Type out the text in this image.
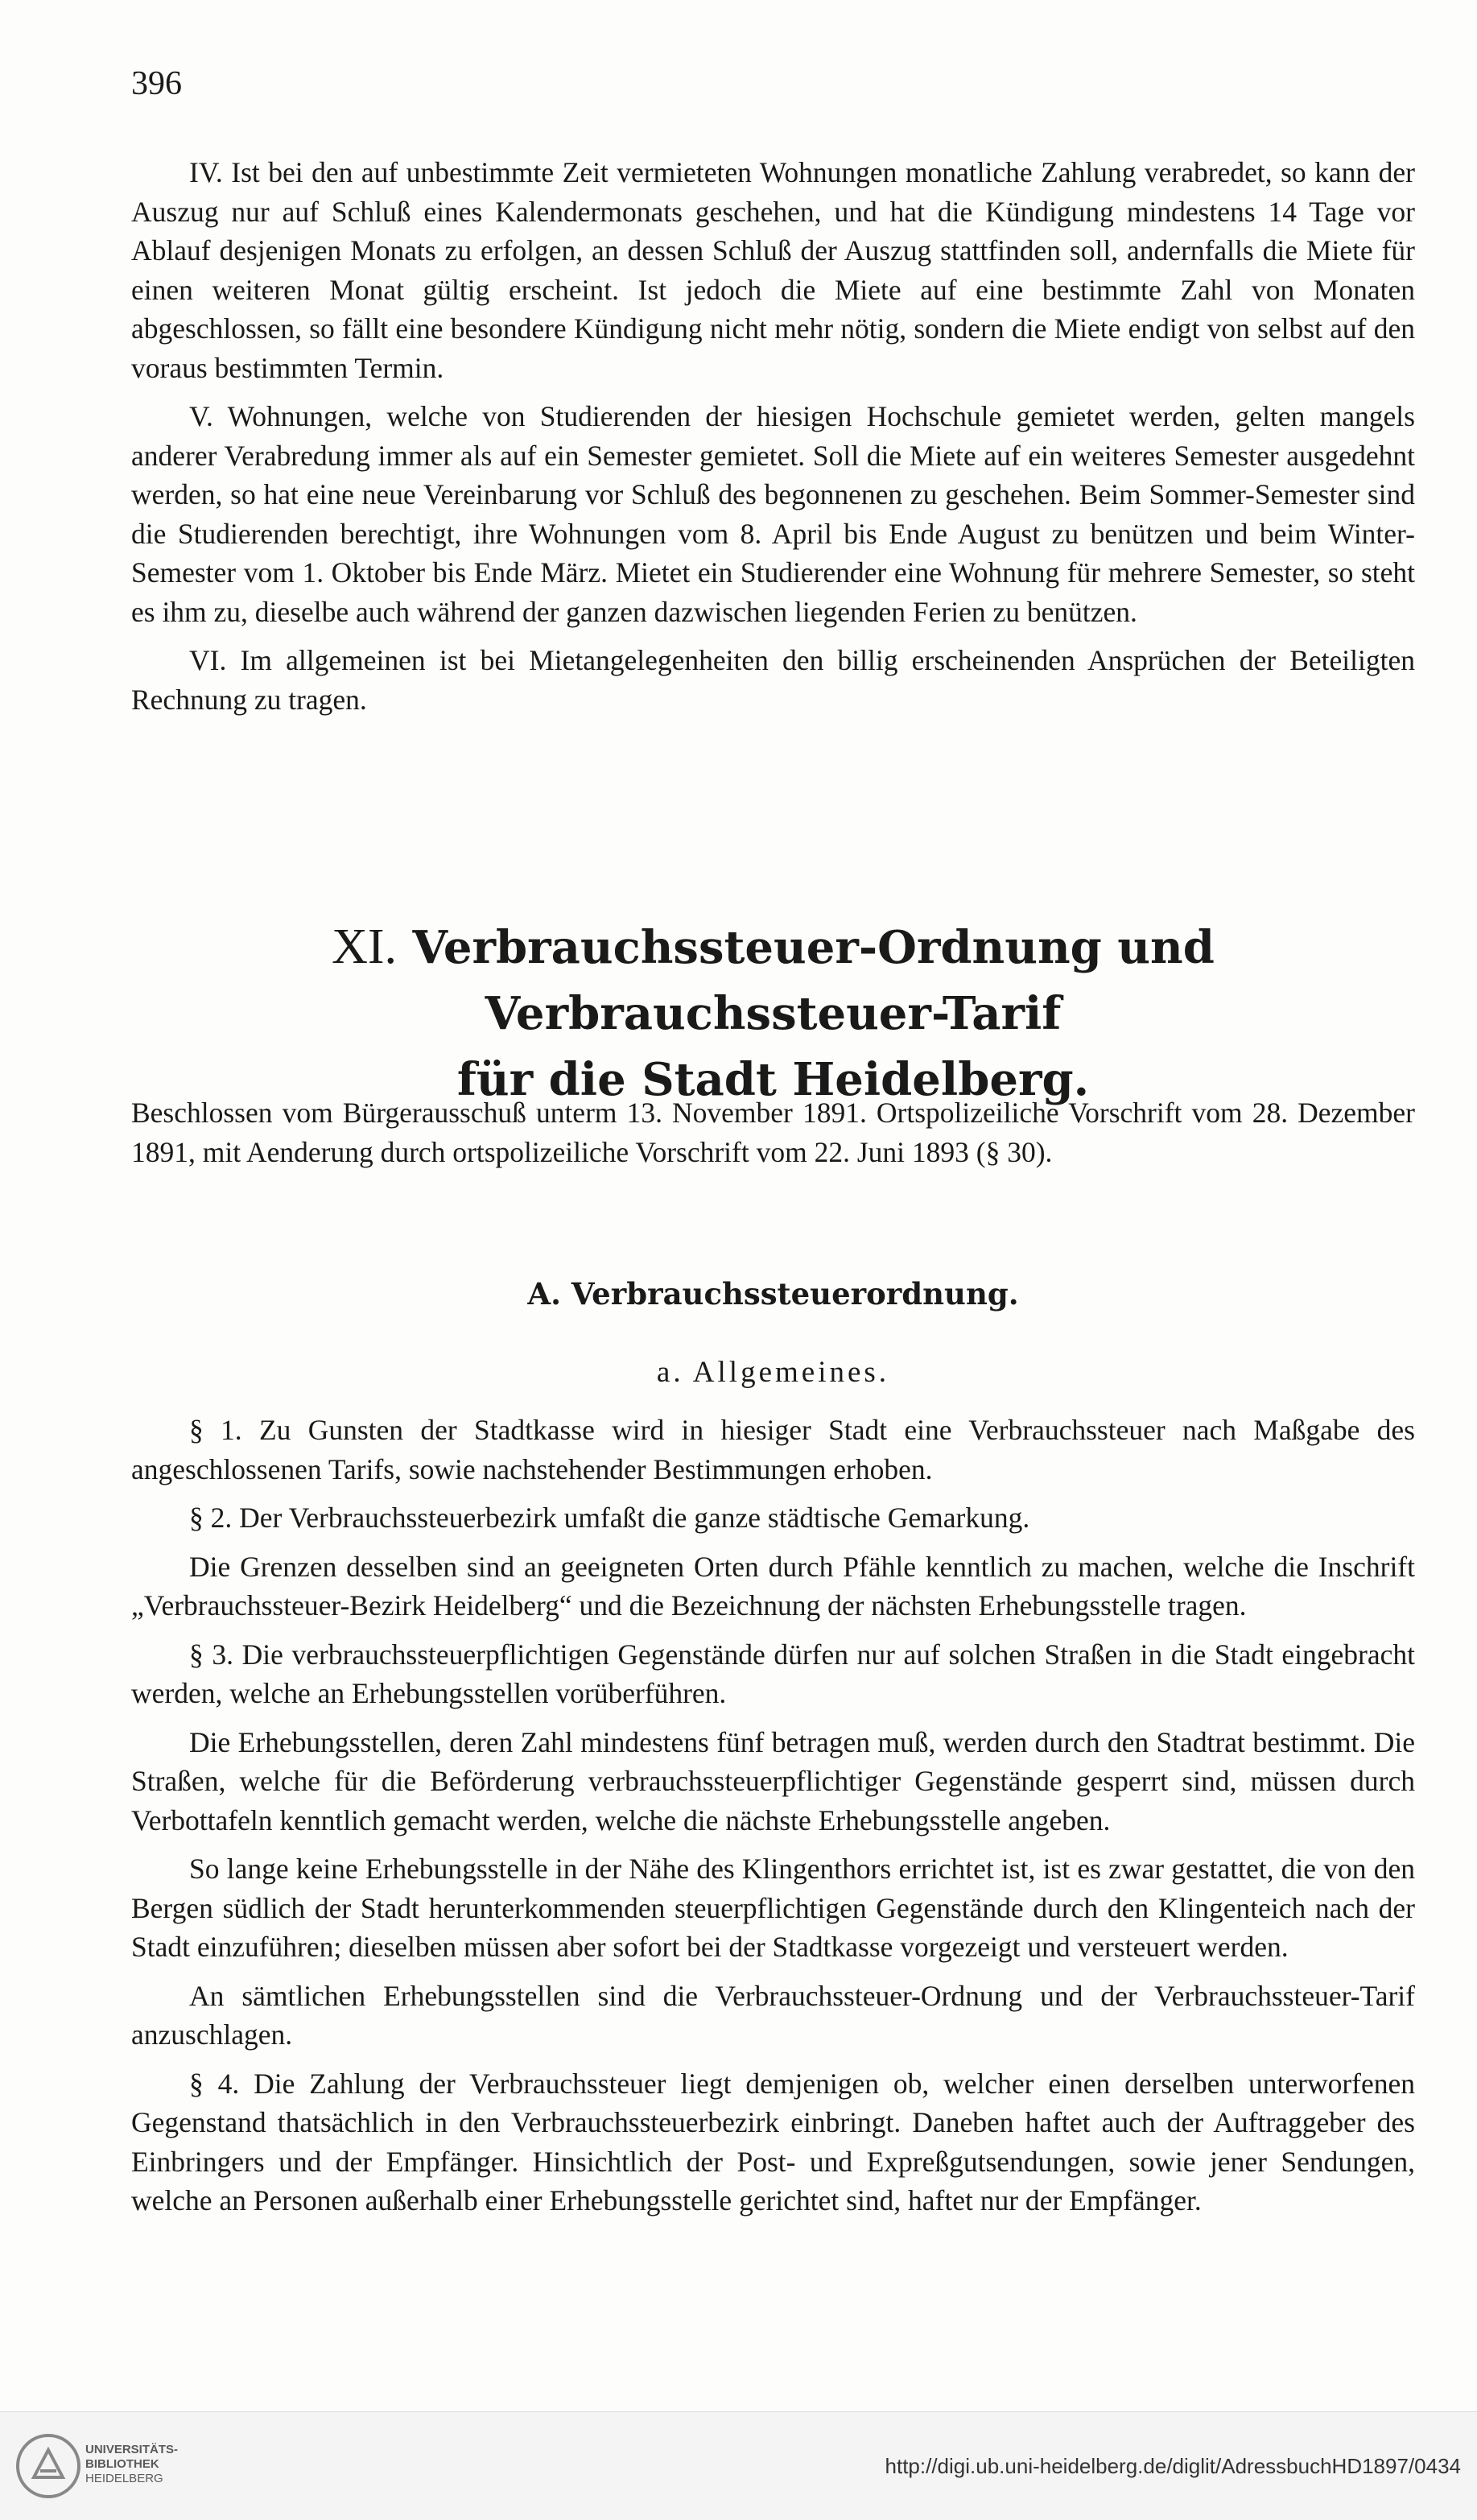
396

IV. Ist bei den auf unbestimmte Zeit vermieteten Wohnungen monatliche Zahlung verabredet, so kann der Auszug nur auf Schluß eines Kalendermonats geschehen, und hat die Kündigung mindestens 14 Tage vor Ablauf desjenigen Monats zu erfolgen, an dessen Schluß der Auszug stattfinden soll, andernfalls die Miete für einen weiteren Monat gültig erscheint. Ist jedoch die Miete auf eine bestimmte Zahl von Monaten abgeschlossen, so fällt eine besondere Kündigung nicht mehr nötig, sondern die Miete endigt von selbst auf den voraus bestimmten Termin.

V. Wohnungen, welche von Studierenden der hiesigen Hochschule gemietet werden, gelten mangels anderer Verabredung immer als auf ein Semester gemietet. Soll die Miete auf ein weiteres Semester ausgedehnt werden, so hat eine neue Vereinbarung vor Schluß des begonnenen zu geschehen. Beim Sommer-Semester sind die Studierenden berechtigt, ihre Wohnungen vom 8. April bis Ende August zu benützen und beim Winter-Semester vom 1. Oktober bis Ende März. Mietet ein Studierender eine Wohnung für mehrere Semester, so steht es ihm zu, dieselbe auch während der ganzen dazwischen liegenden Ferien zu benützen.

VI. Im allgemeinen ist bei Mietangelegenheiten den billig erscheinenden Ansprüchen der Beteiligten Rechnung zu tragen.

XI. Verbrauchssteuer-Ordnung und Verbrauchssteuer-Tarif
für die Stadt Heidelberg.
Beschlossen vom Bürgerausschuß unterm 13. November 1891. Ortspolizeiliche Vorschrift vom 28. Dezember 1891, mit Aenderung durch ortspolizeiliche Vorschrift vom 22. Juni 1893 (§ 30).
A. Verbrauchssteuerordnung.
a. Allgemeines.

§ 1. Zu Gunsten der Stadtkasse wird in hiesiger Stadt eine Verbrauchssteuer nach Maßgabe des angeschlossenen Tarifs, sowie nachstehender Bestimmungen erhoben.

§ 2. Der Verbrauchssteuerbezirk umfaßt die ganze städtische Gemarkung.

Die Grenzen desselben sind an geeigneten Orten durch Pfähle kenntlich zu machen, welche die Inschrift „Verbrauchssteuer-Bezirk Heidelberg“ und die Bezeichnung der nächsten Erhebungsstelle tragen.

§ 3. Die verbrauchssteuerpflichtigen Gegenstände dürfen nur auf solchen Straßen in die Stadt eingebracht werden, welche an Erhebungsstellen vorüberführen.

Die Erhebungsstellen, deren Zahl mindestens fünf betragen muß, werden durch den Stadtrat bestimmt. Die Straßen, welche für die Beförderung verbrauchssteuerpflichtiger Gegenstände gesperrt sind, müssen durch Verbottafeln kenntlich gemacht werden, welche die nächste Erhebungsstelle angeben.

So lange keine Erhebungsstelle in der Nähe des Klingenthors errichtet ist, ist es zwar gestattet, die von den Bergen südlich der Stadt herunterkommenden steuerpflichtigen Gegenstände durch den Klingenteich nach der Stadt einzuführen; dieselben müssen aber sofort bei der Stadtkasse vorgezeigt und versteuert werden.

An sämtlichen Erhebungsstellen sind die Verbrauchssteuer-Ordnung und der Verbrauchssteuer-Tarif anzuschlagen.

§ 4. Die Zahlung der Verbrauchssteuer liegt demjenigen ob, welcher einen derselben unterworfenen Gegenstand thatsächlich in den Verbrauchssteuerbezirk einbringt. Daneben haftet auch der Auftraggeber des Einbringers und der Empfänger. Hinsichtlich der Post- und Expreßgutsendungen, sowie jener Sendungen, welche an Personen außerhalb einer Erhebungsstelle gerichtet sind, haftet nur der Empfänger.

UNIVERSITÄTS-
BIBLIOTHEK
HEIDELBERG
http://digi.ub.uni-heidelberg.de/diglit/AdressbuchHD1897/0434
